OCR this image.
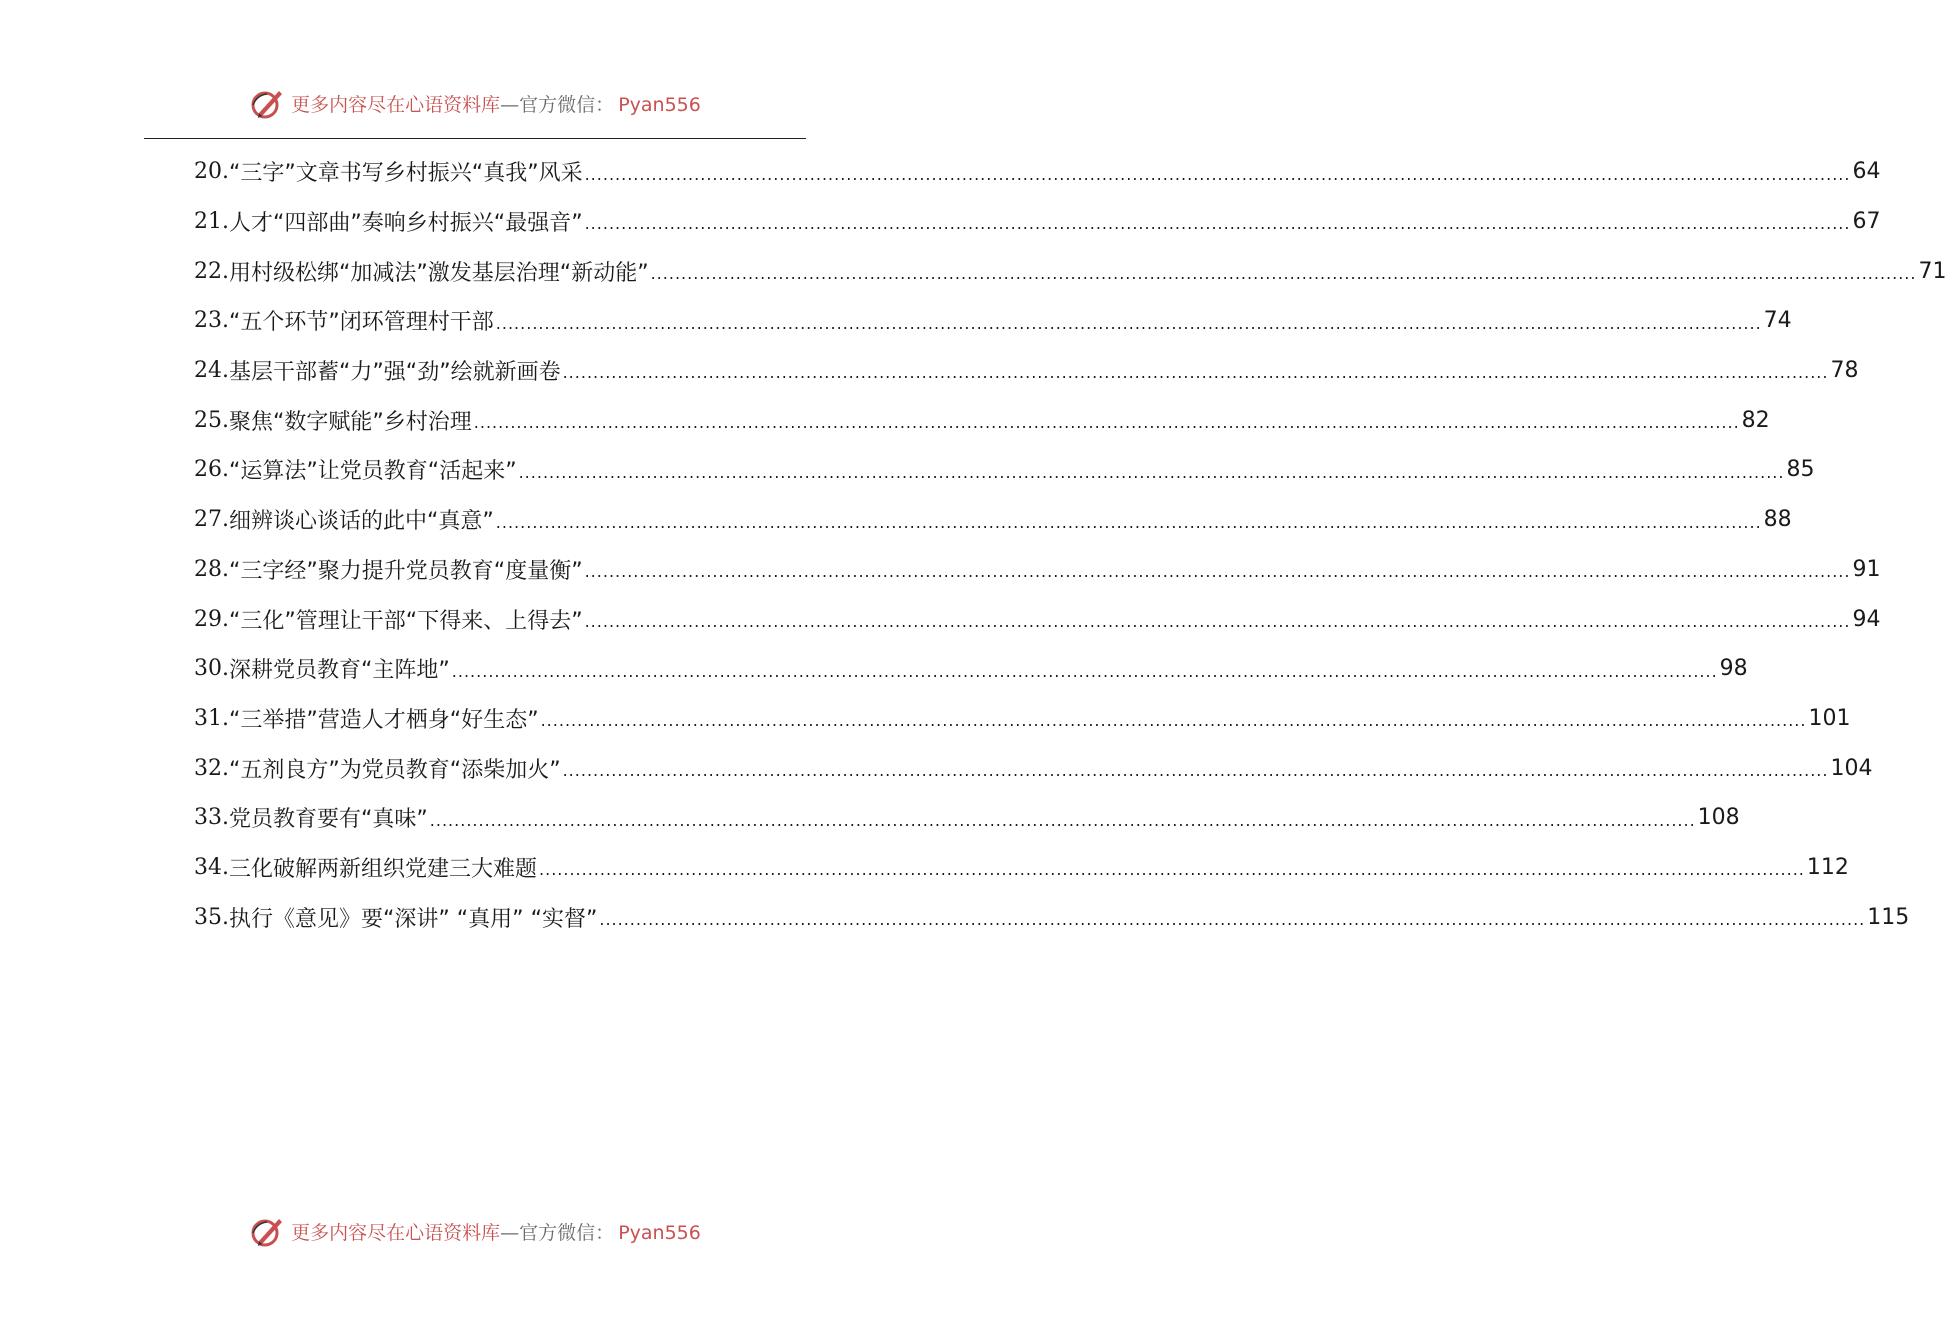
更多内容尽在心语资料库—官方微信： Pyan556
20. “三字”文章书写乡村振兴“真我”风采 .....	64
21. 人才“四部曲”奏响乡村振兴“最强音” .....	67
22. 用村级松绑“加减法”激发基层治理“新动能” .....	71
23. “五个环节”闭环管理村干部 .....	74
24. 基层干部蓄“力”强“劲”绘就新画卷 .....	78
25. 聚焦“数字赋能”乡村治理 .....	82
26. “运算法”让党员教育“活起来” .....	85
27. 细辨谈心谈话的此中“真意” .....	88
28. “三字经”聚力提升党员教育“度量衡” .....	91
29. “三化”管理让干部“下得来、上得去” .....	94
30. 深耕党员教育“主阵地” .....	98
31. “三举措”营造人才栖身“好生态” .....	101
32. “五剂良方”为党员教育“添柴加火” .....	104
33. 党员教育要有“真味” .....	108
34. 三化破解两新组织党建三大难题 .....	112
35. 执行《意见》要“深讲” “真用” “实督” .....	115
更多内容尽在心语资料库—官方微信： Pyan556
